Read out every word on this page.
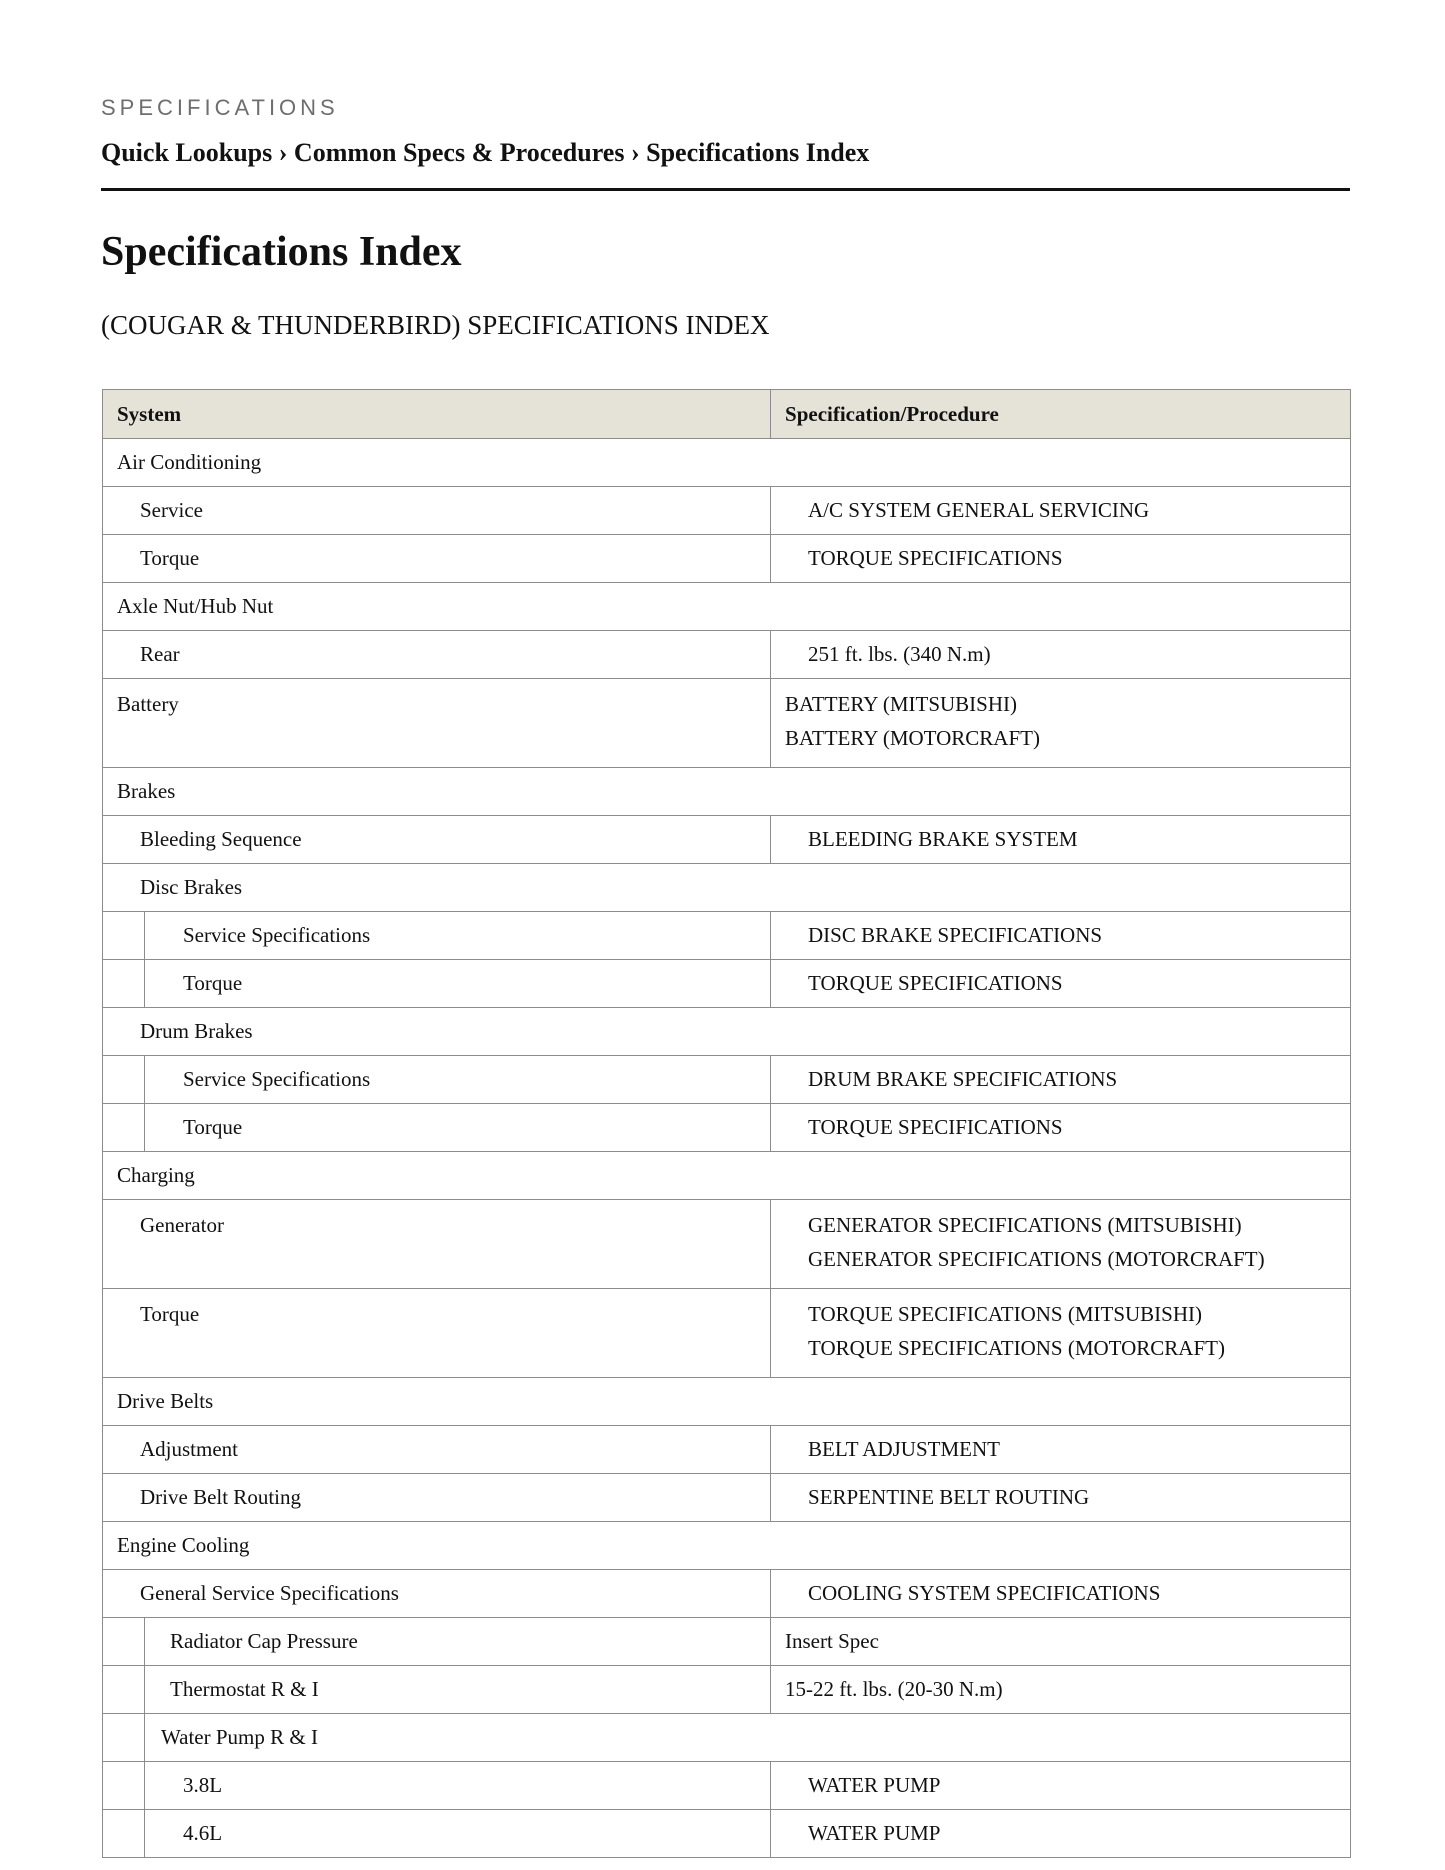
SPECIFICATIONS
Quick Lookups › Common Specs & Procedures › Specifications Index
Specifications Index
(COUGAR & THUNDERBIRD) SPECIFICATIONS INDEX
System		Specification/Procedure
Air Conditioning		
Service		A/C SYSTEM GENERAL SERVICING
Torque		TORQUE SPECIFICATIONS
Axle Nut/Hub Nut		
Rear		251 ft. lbs. (340 N.m)
Battery		BATTERY (MITSUBISHI)
BATTERY (MOTORCRAFT)

Brakes		
Bleeding Sequence		BLEEDING BRAKE SYSTEM
Disc Brakes		
	Service Specifications	DISC BRAKE SPECIFICATIONS
	Torque	TORQUE SPECIFICATIONS
Drum Brakes		
	Service Specifications	DRUM BRAKE SPECIFICATIONS
	Torque	TORQUE SPECIFICATIONS
Charging		
Generator		GENERATOR SPECIFICATIONS (MITSUBISHI)
GENERATOR SPECIFICATIONS (MOTORCRAFT)

Torque		TORQUE SPECIFICATIONS (MITSUBISHI)
TORQUE SPECIFICATIONS (MOTORCRAFT)

Drive Belts		
Adjustment		BELT ADJUSTMENT
Drive Belt Routing		SERPENTINE BELT ROUTING
Engine Cooling		
General Service Specifications		COOLING SYSTEM SPECIFICATIONS
	Radiator Cap Pressure	Insert Spec
	Thermostat R & I	15-22 ft. lbs. (20-30 N.m)
	Water Pump R & I	
	3.8L	WATER PUMP
	4.6L	WATER PUMP
